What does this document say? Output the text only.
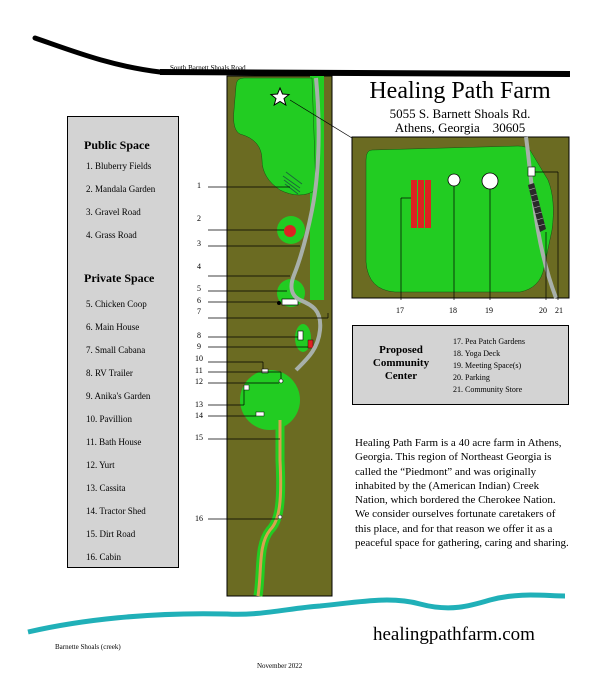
South Barnett Shoals Road
Healing Path Farm
5055 S. Barnett Shoals Rd.
Athens, Georgia    30605
Public Space
1. Bluberry Fields
2. Mandala Garden
3. Gravel Road
4. Grass Road
Private Space
5. Chicken Coop
6. Main House
7. Small Cabana
8. RV Trailer
9. Anika's Garden
10. Pavillion
11. Bath House
12. Yurt
13. Cassita
14. Tractor Shed
15. Dirt Road
16. Cabin
1
2
3
4
5
6
7
8
9
10
11
12
13
14
15
16
17	18	19	20 21
Proposed
Community
Center
17. Pea Patch Gardens
18. Yoga Deck
19. Meeting Space(s)
20. Parking
21. Community Store
Healing Path Farm is a 40 acre farm in Athens, Georgia. This region of Northeast Georgia is called the “Piedmont” and was originally inhabited by the (American Indian) Creek Nation, which bordered the Cherokee Nation. We consider ourselves fortunate caretakers of this place, and for that reason we offer it as a peaceful space for gathering, caring and sharing.
healingpathfarm.com
Barnette Shoals (creek)
November 2022
